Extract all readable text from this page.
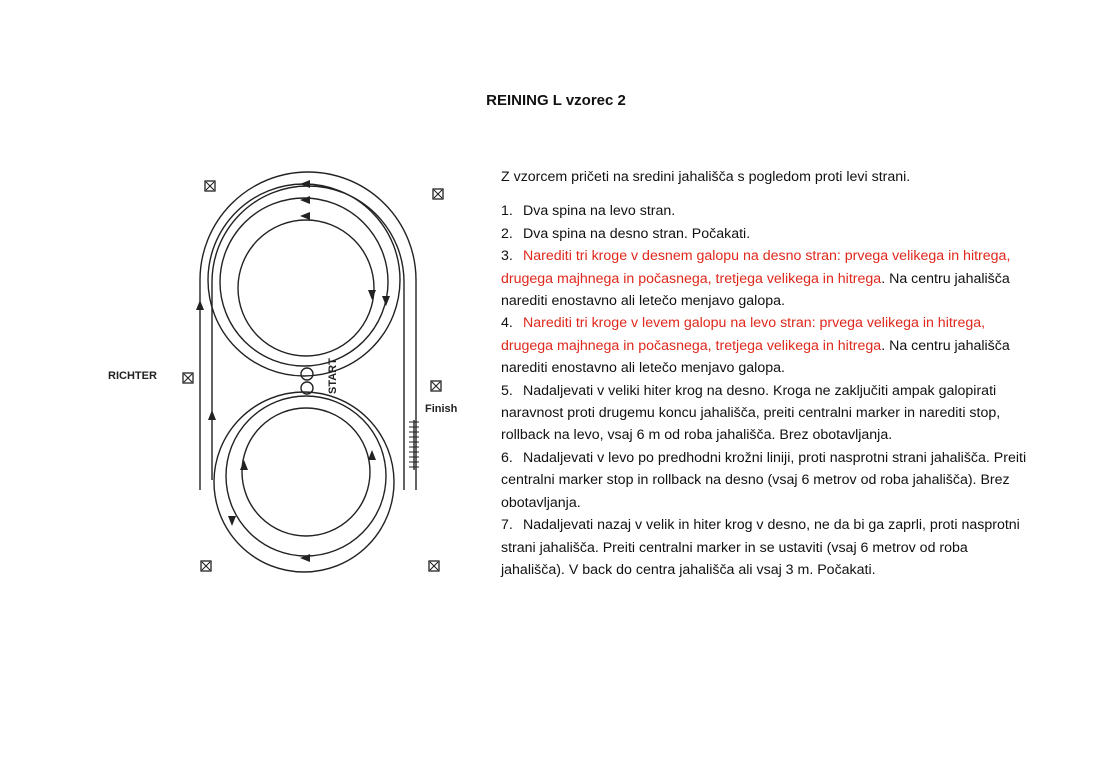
REINING L vzorec 2
RICHTER
Finish
START

Z vzorcem pričeti na sredini jahališča s pogledom proti levi strani.

1. Dva spina na levo stran.
2. Dva spina na desno stran. Počakati.
3. Narediti tri kroge v desnem galopu na desno stran: prvega velikega in hitrega, drugega majhnega in počasnega, tretjega velikega in hitrega. Na centru jahališča narediti enostavno ali letečo menjavo galopa.
4. Narediti tri kroge v levem galopu na levo stran: prvega velikega in hitrega, drugega majhnega in počasnega, tretjega velikega in hitrega. Na centru jahališča narediti enostavno ali letečo menjavo galopa.
5. Nadaljevati v veliki hiter krog na desno. Kroga ne zaključiti ampak galopirati naravnost proti drugemu koncu jahališča, preiti centralni marker in narediti stop, rollback na levo, vsaj 6 m od roba jahališča. Brez obotavljanja.
6. Nadaljevati v levo po predhodni krožni liniji, proti nasprotni strani jahališča. Preiti centralni marker stop in rollback na desno (vsaj 6 metrov od roba jahališča). Brez obotavljanja.
7. Nadaljevati nazaj v velik in hiter krog v desno, ne da bi ga zaprli, proti nasprotni strani jahališča. Preiti centralni marker in se ustaviti (vsaj 6 metrov od roba jahališča). V back do centra jahališča ali vsaj 3 m. Počakati.
